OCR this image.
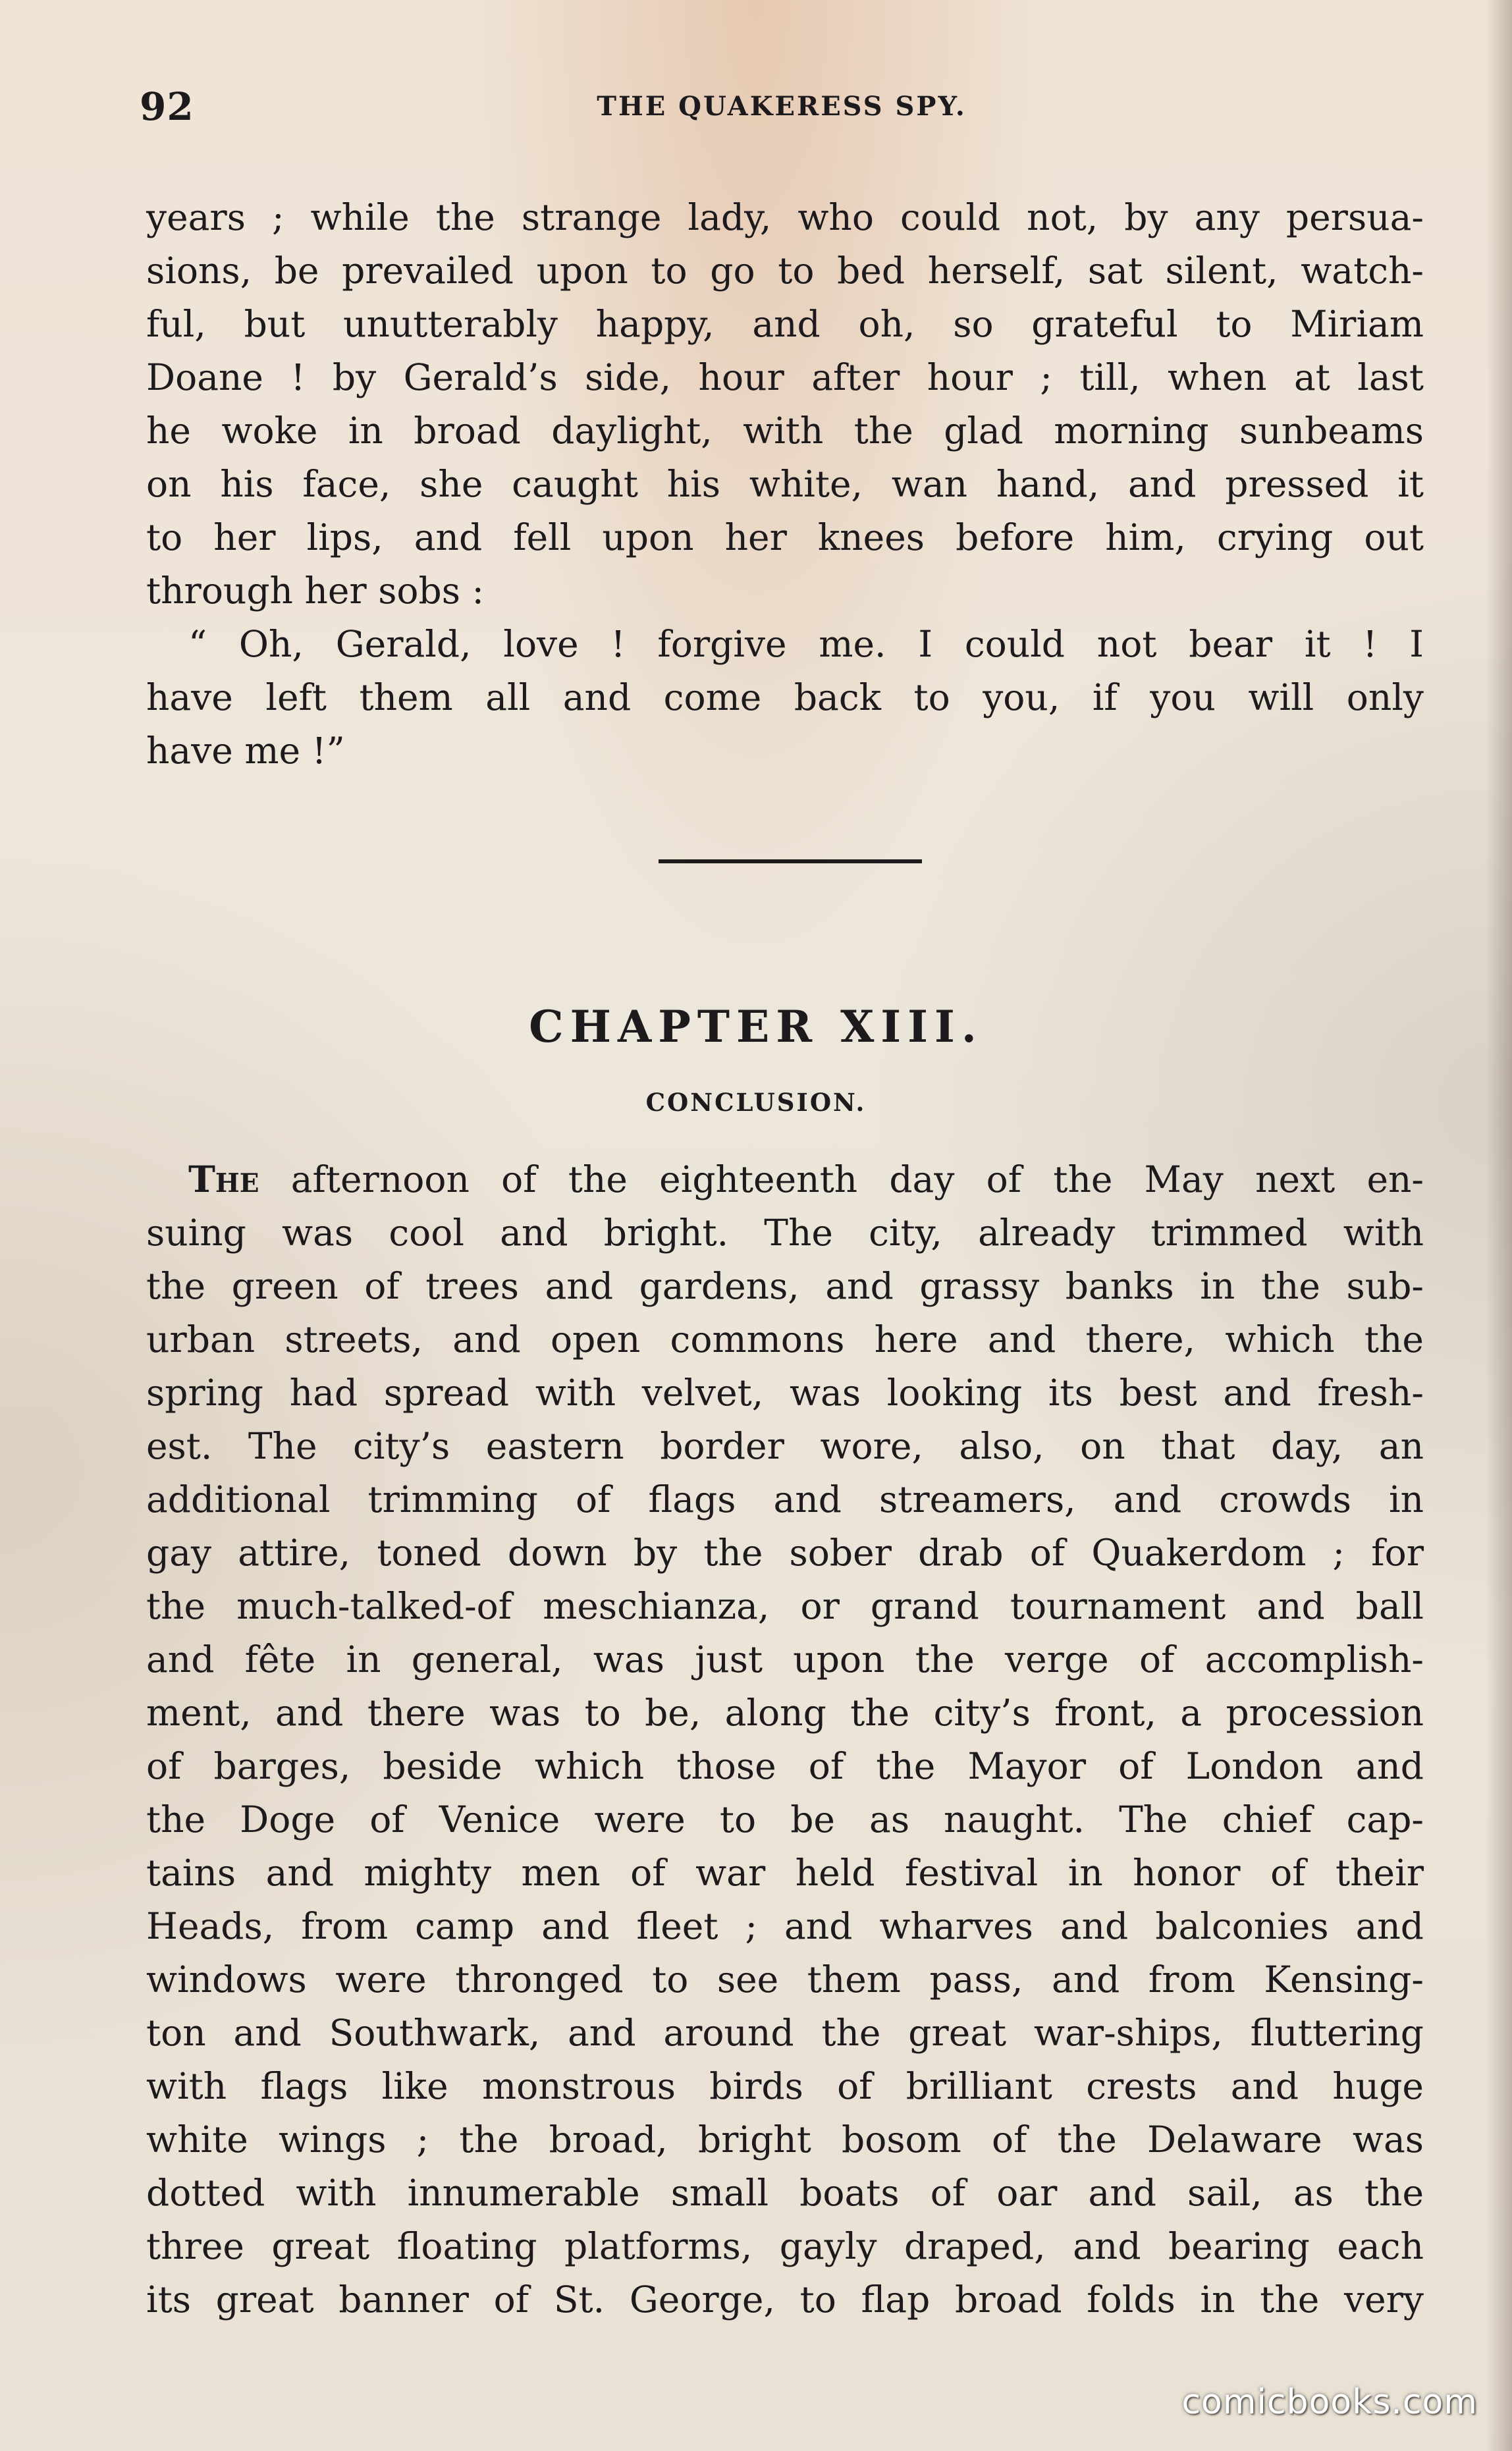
92	THE QUAKERESS SPY.
years ; while the strange lady, who could not, by any persua-
sions, be prevailed upon to go to bed herself, sat silent, watch-
ful, but unutterably happy, and oh, so grateful to Miriam
Doane ! by Gerald’s side, hour after hour ; till, when at last
he woke in broad daylight, with the glad morning sunbeams
on his face, she caught his white, wan hand, and pressed it
to her lips, and fell upon her knees before him, crying out
through her sobs :
“ Oh, Gerald, love ! forgive me. I could not bear it ! I
have left them all and come back to you, if you will only
have me !”
CHAPTER XIII.
CONCLUSION.
The afternoon of the eighteenth day of the May next en-
suing was cool and bright. The city, already trimmed with
the green of trees and gardens, and grassy banks in the sub-
urban streets, and open commons here and there, which the
spring had spread with velvet, was looking its best and fresh-
est. The city’s eastern border wore, also, on that day, an
additional trimming of flags and streamers, and crowds in
gay attire, toned down by the sober drab of Quakerdom ; for
the much-talked-of meschianza, or grand tournament and ball
and fête in general, was just upon the verge of accomplish-
ment, and there was to be, along the city’s front, a procession
of barges, beside which those of the Mayor of London and
the Doge of Venice were to be as naught. The chief cap-
tains and mighty men of war held festival in honor of their
Heads, from camp and fleet ; and wharves and balconies and
windows were thronged to see them pass, and from Kensing-
ton and Southwark, and around the great war-ships, fluttering
with flags like monstrous birds of brilliant crests and huge
white wings ; the broad, bright bosom of the Delaware was
dotted with innumerable small boats of oar and sail, as the
three great floating platforms, gayly draped, and bearing each
its great banner of St. George, to flap broad folds in the very
comicbooks.com
